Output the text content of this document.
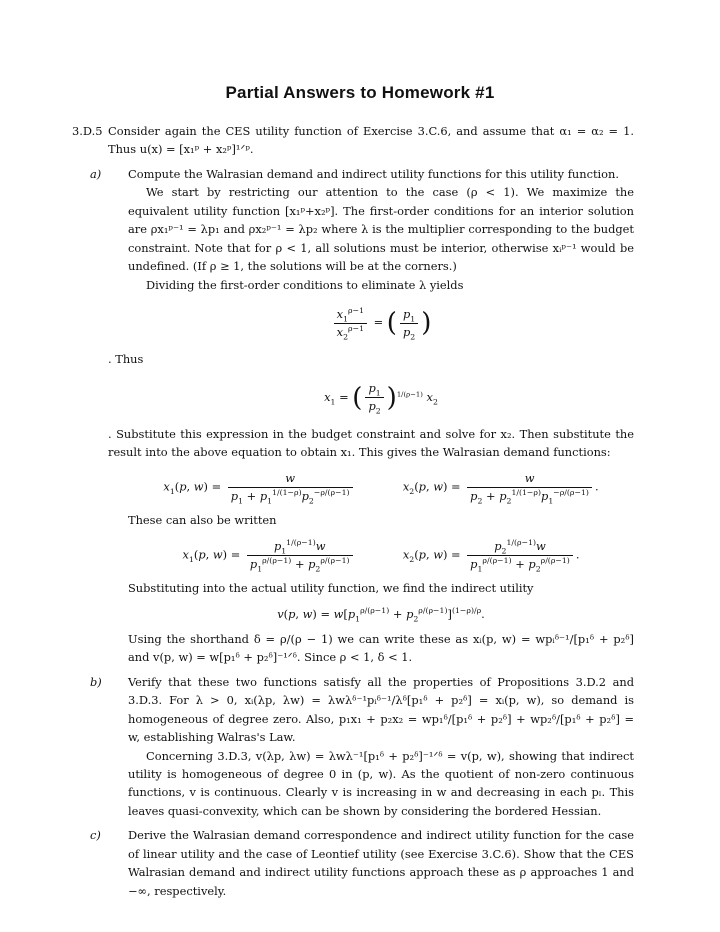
Partial Answers to Homework #1
3.D.5 Consider again the CES utility function of Exercise 3.C.6, and assume that α₁ = α₂ = 1. Thus u(x) = [x₁ᵖ + x₂ᵖ]¹ᐟᵖ.
a) Compute the Walrasian demand and indirect utility functions for this utility function.

We start by restricting our attention to the case (ρ < 1). We maximize the equivalent utility function [x₁ᵖ+x₂ᵖ]. The first-order conditions for an interior solution are ρx₁ᵖ⁻¹ = λp₁ and ρx₂ᵖ⁻¹ = λp₂ where λ is the multiplier corresponding to the budget constraint. Note that for ρ < 1, all solutions must be interior, otherwise xᵢᵖ⁻¹ would be undefined. (If ρ ≥ 1, the solutions will be at the corners.)

Dividing the first-order conditions to eliminate λ yields

$\frac{x_1^{\rho-1}}{x_2^{\rho-1}}$ = ( $\frac{p_1}{p_2}$ )

. Thus

$x_1$ = ( $\frac{p_1}{p_2} )^{1/(\rho-1)}$ $x_2$

. Substitute this expression in the budget constraint and solve for x₂. Then substitute the result into the above equation to obtain x₁. This gives the Walrasian demand functions:

$x_1(p$, $w) = \frac{w}{p_1 + p_1^{1/(1-\rho)}p_2^{-\rho/(\rho-1)}}$	$x_2(p$, $w) = \frac{w}{p_2 + p_2^{1/(1-\rho)}p_1^{-\rho/(\rho-1)}}$ .

These can also be written

$x_1(p$, $w) = \frac{p_1^{1/(\rho-1)}w}{p_1^{\rho/(\rho-1)} + p_2^{\rho/(\rho-1)}}$	$x_2(p$, $w) = \frac{p_2^{1/(\rho-1)}w}{p_1^{\rho/(\rho-1)} + p_2^{\rho/(\rho-1)}}$ .

Substituting into the actual utility function, we find the indirect utility

v(p, $w) = w[p_1^{\rho/(\rho-1)} + p_2^{\rho/(\rho-1)}]^{(1-\rho)/\rho}$.

Using the shorthand δ = ρ/(ρ − 1) we can write these as xᵢ(p, w) = wpᵢᵟ⁻¹/[p₁ᵟ + p₂ᵟ] and v(p, w) = w[p₁ᵟ + p₂ᵟ]⁻¹ᐟᵟ. Since ρ < 1, δ < 1.

b) Verify that these two functions satisfy all the properties of Propositions 3.D.2 and 3.D.3. For λ > 0, xᵢ(λp, λw) = λwλᵟ⁻¹pᵢᵟ⁻¹/λᵟ[p₁ᵟ + p₂ᵟ] = xᵢ(p, w), so demand is homogeneous of degree zero. Also, p₁x₁ + p₂x₂ = wp₁ᵟ/[p₁ᵟ + p₂ᵟ] + wp₂ᵟ/[p₁ᵟ + p₂ᵟ] = w, establishing Walras's Law.

Concerning 3.D.3, v(λp, λw) = λwλ⁻¹[p₁ᵟ + p₂ᵟ]⁻¹ᐟᵟ = v(p, w), showing that indirect utility is homogeneous of degree 0 in (p, w). As the quotient of non-zero continuous functions, v is continuous. Clearly v is increasing in w and decreasing in each pₗ. This leaves quasi-convexity, which can be shown by considering the bordered Hessian.

c) Derive the Walrasian demand correspondence and indirect utility function for the case of linear utility and the case of Leontief utility (see Exercise 3.C.6). Show that the CES Walrasian demand and indirect utility functions approach these as ρ approaches 1 and −∞, respectively.
